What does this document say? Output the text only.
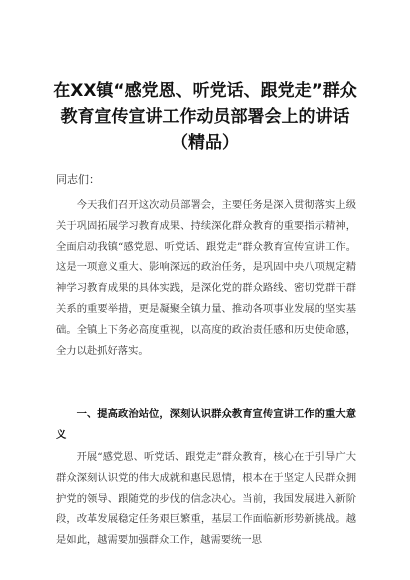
在XX镇“感党恩、听党话、跟党走”群众
教育宣传宣讲工作动员部署会上的讲话
（精品）
同志们：
今天我们召开这次动员部署会，主要任务是深入贯彻落实上级关于巩固拓展学习教育成果、持续深化群众教育的重要指示精神，全面启动我镇“感党恩、听党话、跟党走”群众教育宣传宣讲工作。这是一项意义重大、影响深远的政治任务，是巩固中央八项规定精神学习教育成果的具体实践，是深化党的群众路线、密切党群干群关系的重要举措，更是凝聚全镇力量、推动各项事业发展的坚实基础。全镇上下务必高度重视，以高度的政治责任感和历史使命感，全力以赴抓好落实。
一、提高政治站位，深刻认识群众教育宣传宣讲工作的重大意义
开展“感党恩、听党话、跟党走”群众教育，核心在于引导广大群众深刻认识党的伟大成就和惠民恩情，根本在于坚定人民群众拥护党的领导、跟随党的步伐的信念决心。当前，我国发展进入新阶段，改革发展稳定任务艰巨繁重，基层工作面临新形势新挑战。越是如此，越需要加强群众工作，越需要统一思
